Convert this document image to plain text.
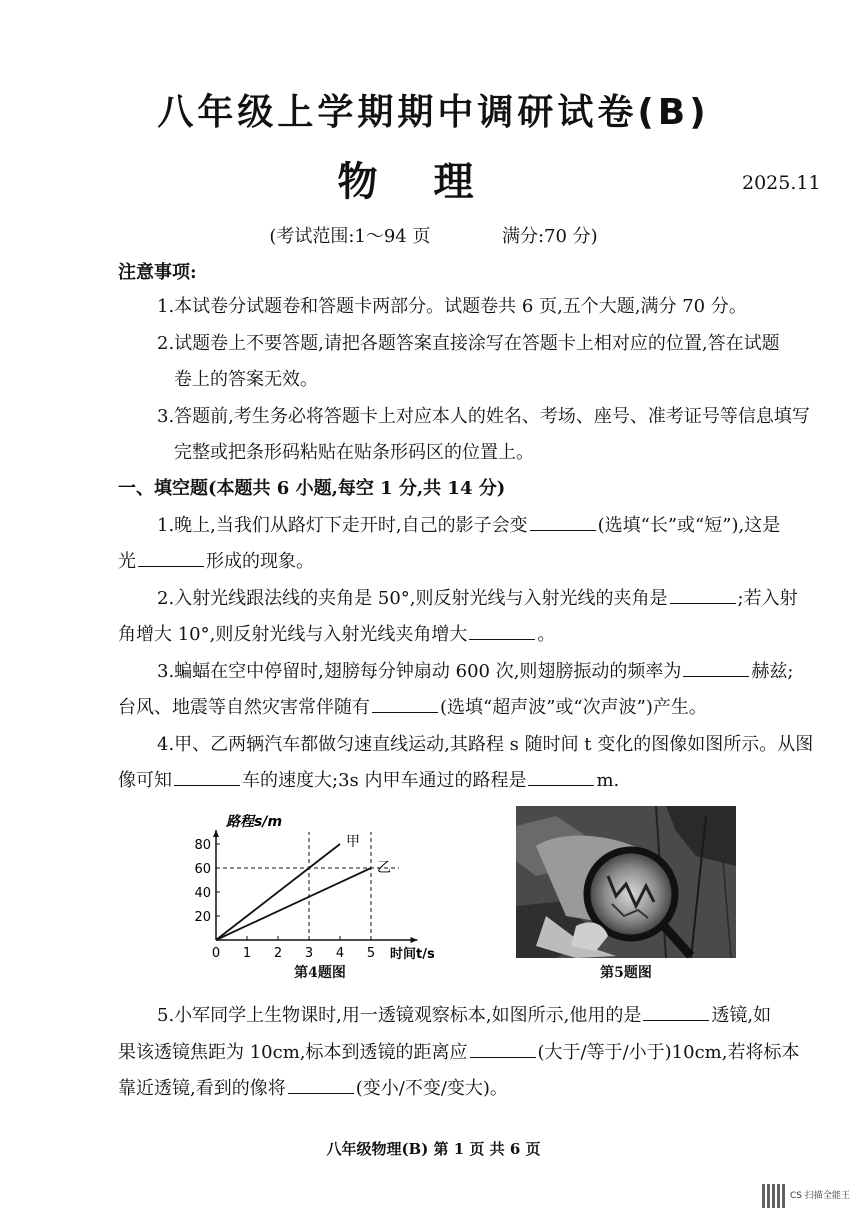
八年级上学期期中调研试卷(B)
物理	2025.11
(考试范围:1～94 页	满分:70 分)
注意事项:
1.本试卷分试题卷和答题卡两部分。试题卷共 6 页,五个大题,满分 70 分。
2.试题卷上不要答题,请把各题答案直接涂写在答题卡上相对应的位置,答在试题
卷上的答案无效。
3.答题前,考生务必将答题卡上对应本人的姓名、考场、座号、准考证号等信息填写
完整或把条形码粘贴在贴条形码区的位置上。
一、填空题(本题共 6 小题,每空 1 分,共 14 分)
1.晚上,当我们从路灯下走开时,自己的影子会变	(选填“长”或“短”),这是
光	形成的现象。
2.入射光线跟法线的夹角是 50°,则反射光线与入射光线的夹角是	;若入射
角增大 10°,则反射光线与入射光线夹角增大	。
3.蝙蝠在空中停留时,翅膀每分钟扇动 600 次,则翅膀振动的频率为	赫兹;
台风、地震等自然灾害常伴随有	(选填“超声波”或“次声波”)产生。
4.甲、乙两辆汽车都做匀速直线运动,其路程 s 随时间 t 变化的图像如图所示。从图
像可知	车的速度大;3s 内甲车通过的路程是	m.
20
40
60
80
0 1 2 3 4 5
甲
乙
路程s/m
时间t/s
第4题图	第5题图
5.小军同学上生物课时,用一透镜观察标本,如图所示,他用的是	透镜,如
果该透镜焦距为 10cm,标本到透镜的距离应	(大于/等于/小于)10cm,若将标本
靠近透镜,看到的像将	(变小/不变/变大)。
八年级物理(B) 第 1 页 共 6 页
CS 扫描全能王
